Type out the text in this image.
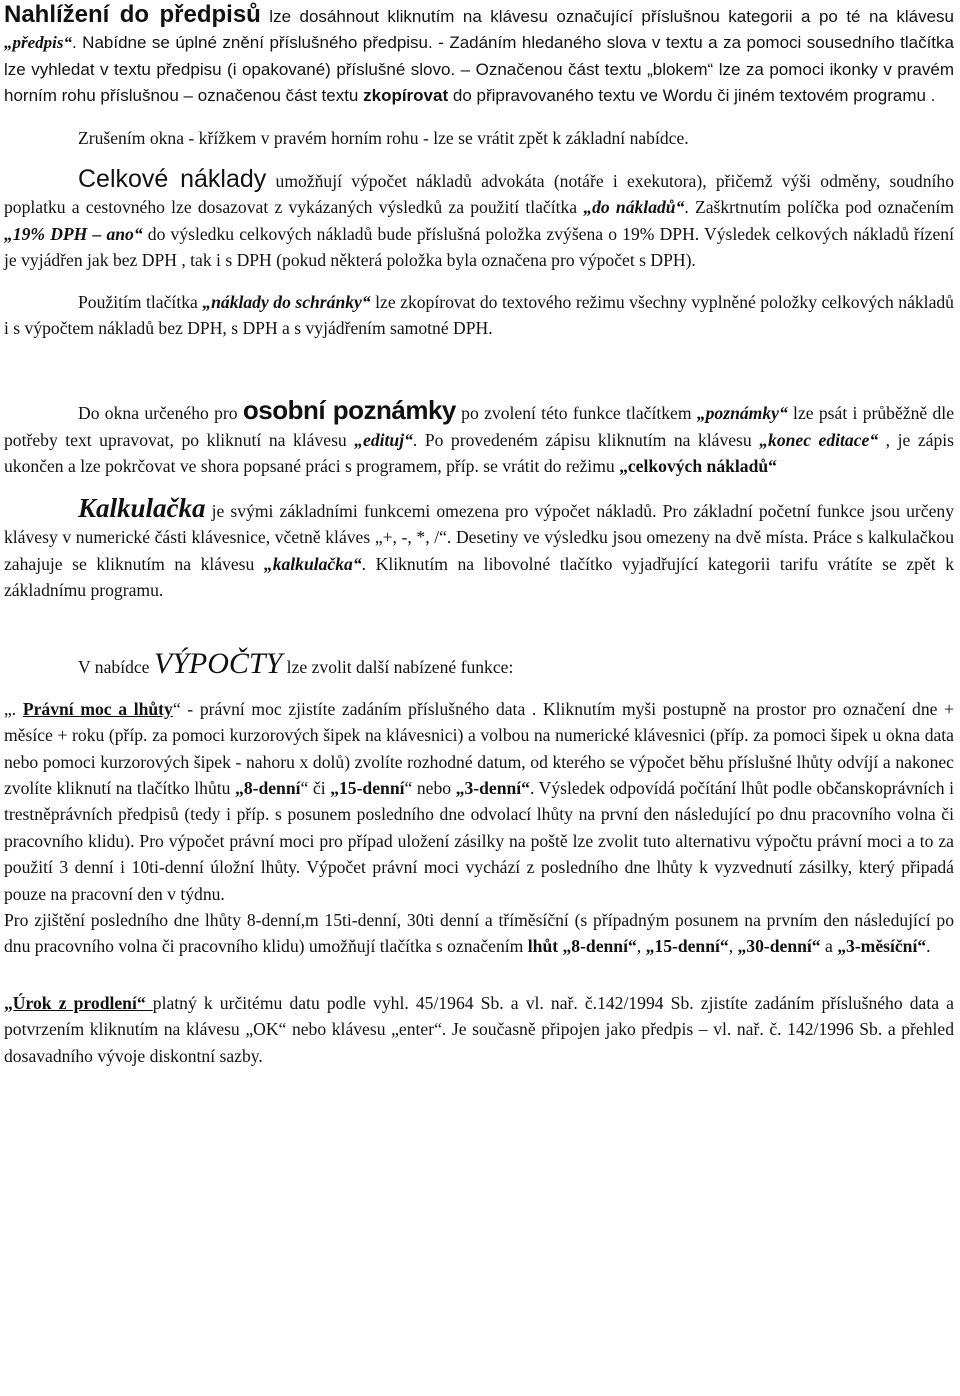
Nahlížení do předpisů lze dosáhnout kliknutím na klávesu označující příslušnou kategorii a po té na klávesu „předpis“. Nabídne se úplné znění příslušného předpisu. - Zadáním hledaného slova v textu a za pomoci sousedního tlačítka lze vyhledat v textu předpisu (i opakované) příslušné slovo. – Označenou část textu „blokem“ lze za pomoci ikonky v pravém horním rohu příslušnou – označenou část textu zkopírovat do připravovaného textu ve Wordu či jiném textovém programu .

Zrušením okna - křížkem v pravém horním rohu - lze se vrátit zpět k základní nabídce.

Celkové náklady umožňují výpočet nákladů advokáta (notáře i exekutora), přičemž výši odměny, soudního poplatku a cestovného lze dosazovat z vykázaných výsledků za použití tlačítka „do nákladů“. Zaškrtnutím políčka pod označením „19% DPH – ano“ do výsledku celkových nákladů bude příslušná položka zvýšena o 19% DPH. Výsledek celkových nákladů řízení je vyjádřen jak bez DPH , tak i s DPH (pokud některá položka byla označena pro výpočet s DPH).

Použitím tlačítka „náklady do schránky“ lze zkopírovat do textového režimu všechny vyplněné položky celkových nákladů i s výpočtem nákladů bez DPH, s DPH a s vyjádřením samotné DPH.

Do okna určeného pro osobní poznámky po zvolení této funkce tlačítkem „poznámky“ lze psát i průběžně dle potřeby text upravovat, po kliknutí na klávesu „edituj“. Po provedeném zápisu kliknutím na klávesu „konec editace“ , je zápis ukončen a lze pokrčovat ve shora popsané práci s programem, příp. se vrátit do režimu „celkových nákladů“

Kalkulačka je svými základními funkcemi omezena pro výpočet nákladů. Pro základní početní funkce jsou určeny klávesy v numerické části klávesnice, včetně kláves „+, -, *, /“. Desetiny ve výsledku jsou omezeny na dvě místa. Práce s kalkulačkou zahajuje se kliknutím na klávesu „kalkulačka“. Kliknutím na libovolné tlačítko vyjadřující kategorii tarifu vrátíte se zpět k základnímu programu.

V nabídce VÝPOČTY lze zvolit další nabízené funkce:

„. Právní moc a lhůty“ - právní moc zjistíte zadáním příslušného data . Kliknutím myši postupně na prostor pro označení dne + měsíce + roku (příp. za pomoci kurzorových šipek na klávesnici) a volbou na numerické klávesnici (příp. za pomoci šipek u okna data nebo pomoci kurzorových šipek - nahoru x dolů) zvolíte rozhodné datum, od kterého se výpočet běhu příslušné lhůty odvíjí a nakonec zvolíte kliknutí na tlačítko lhůtu „8-denní“ či „15-denní“ nebo „3-denní“. Výsledek odpovídá počítání lhůt podle občanskoprávních i trestněprávních předpisů (tedy i příp. s posunem posledního dne odvolací lhůty na první den následující po dnu pracovního volna či pracovního klidu). Pro výpočet právní moci pro případ uložení zásilky na poště lze zvolit tuto alternativu výpočtu právní moci a to za použití 3 denní i 10ti-denní úložní lhůty. Výpočet právní moci vychází z posledního dne lhůty k vyzvednutí zásilky, který připadá pouze na pracovní den v týdnu.

Pro zjištění posledního dne lhůty 8-denní,m 15ti-denní, 30ti denní a tříměsíční (s případným posunem na prvním den následující po dnu pracovního volna či pracovního klidu) umožňují tlačítka s označením lhůt „8-denní“, „15-denní“, „30-denní“ a „3-měsíční“.

„Úrok z prodlení“ platný k určitému datu podle vyhl. 45/1964 Sb. a vl. nař. č.142/1994 Sb. zjistíte zadáním příslušného data a potvrzením kliknutím na klávesu „OK“ nebo klávesu „enter“. Je současně připojen jako předpis – vl. nař. č. 142/1996 Sb. a přehled dosavadního vývoje diskontní sazby.
